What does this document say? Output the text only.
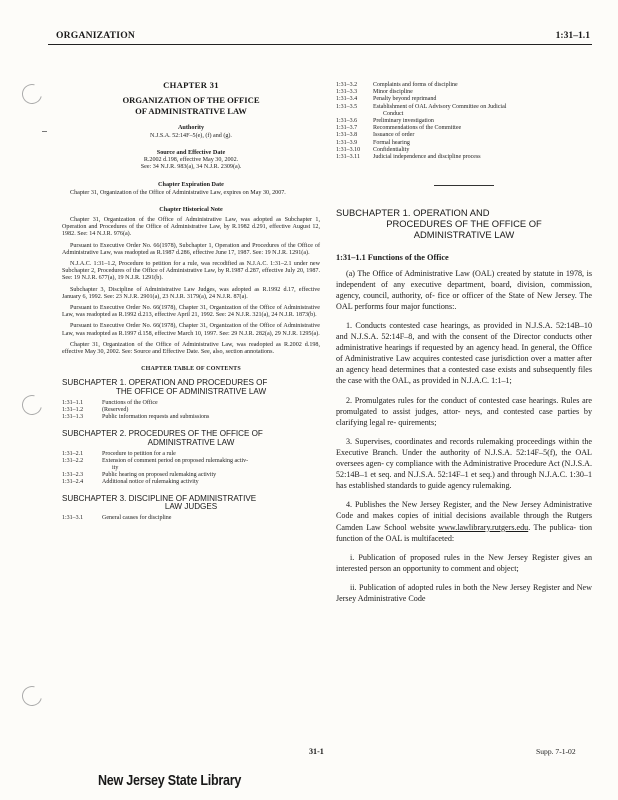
ORGANIZATION	1:31–1.1
CHAPTER 31
ORGANIZATION OF THE OFFICE
OF ADMINISTRATIVE LAW
Authority
N.J.S.A. 52:14F–5(e), (f) and (g).
Source and Effective Date
R.2002 d.198, effective May 30, 2002.
See: 34 N.J.R. 983(a), 34 N.J.R. 2309(a).
Chapter Expiration Date

Chapter 31, Organization of the Office of Administrative Law, expires on May 30, 2007.

Chapter Historical Note

Chapter 31, Organization of the Office of Administrative Law, was adopted as Subchapter 1, Operation and Procedures of the Office of Administrative Law, by R.1982 d.291, effective August 12, 1982. See: 14 N.J.R. 976(a).

Pursuant to Executive Order No. 66(1978), Subchapter 1, Operation and Procedures of the Office of Administrative Law, was readopted as R.1987 d.286, effective June 17, 1987. See: 19 N.J.R. 1291(a).

N.J.A.C. 1:31–1.2, Procedure to petition for a rule, was recodified as N.J.A.C. 1:31–2.1 under new Subchapter 2, Procedures of the Office of Administrative Law, by R.1987 d.287, effective July 20, 1987. See: 19 N.J.R. 677(a), 19 N.J.R. 1291(b).

Subchapter 3, Discipline of Administrative Law Judges, was adopted as R.1992 d.17, effective January 6, 1992. See: 23 N.J.R. 2901(a), 23 N.J.R. 3179(a), 24 N.J.R. 87(a).

Pursuant to Executive Order No. 66(1978), Chapter 31, Organization of the Office of Administrative Law, was readopted as R.1992 d.213, effective April 21, 1992. See: 24 N.J.R. 321(a), 24 N.J.R. 1873(b).

Pursuant to Executive Order No. 66(1978), Chapter 31, Organization of the Office of Administrative Law, was readopted as R.1997 d.158, effective March 10, 1997. See: 29 N.J.R. 282(a), 29 N.J.R. 1295(a).

Chapter 31, Organization of the Office of Administrative Law, was readopted as R.2002 d.198, effective May 30, 2002. See: Source and Effective Date. See, also, section annotations.

CHAPTER TABLE OF CONTENTS
SUBCHAPTER 1. OPERATION AND PROCEDURES OF
THE OFFICE OF ADMINISTRATIVE LAW
1:31–1.1	Functions of the Office
1:31–1.2	(Reserved)
1:31–1.3	Public information requests and submissions
SUBCHAPTER 2. PROCEDURES OF THE OFFICE OF
ADMINISTRATIVE LAW
1:31–2.1	Procedure to petition for a rule
1:31–2.2	Extension of comment period on proposed rulemaking activ-
ity
1:31–2.3	Public hearing on proposed rulemaking activity
1:31–2.4	Additional notice of rulemaking activity
SUBCHAPTER 3. DISCIPLINE OF ADMINISTRATIVE
LAW JUDGES
1:31–3.1	General causes for discipline
1:31–3.2	Complaints and forms of discipline
1:31–3.3	Minor discipline
1:31–3.4	Penalty beyond reprimand
1:31–3.5	Establishment of OAL Advisory Committee on Judicial
Conduct
1:31–3.6	Preliminary investigation
1:31–3.7	Recommendations of the Committee
1:31–3.8	Issuance of order
1:31–3.9	Formal hearing
1:31–3.10	Confidentiality
1:31–3.11	Judicial independence and discipline process
SUBCHAPTER 1. OPERATION AND
PROCEDURES OF THE OFFICE OF
ADMINISTRATIVE LAW
1:31–1.1 Functions of the Office

(a) The Office of Administrative Law (OAL) created by statute in 1978, is independent of any executive department, board, division, commission, agency, council, authority, of- fice or officer of the State of New Jersey. The OAL performs four major functions:.

1. Conducts contested case hearings, as provided in N.J.S.A. 52:14B–10 and N.J.S.A. 52:14F–8, and with the consent of the Director conducts other administrative hearings if requested by an agency head. In general, the Office of Administrative Law acquires contested case jurisdiction over a matter after an agency head determines that a contested case exists and subsequently files the case with the OAL, as provided in N.J.A.C. 1:1–1;

2. Promulgates rules for the conduct of contested case hearings. Rules are promulgated to assist judges, attor- neys, and contested case parties by clarifying legal re- quirements;

3. Supervises, coordinates and records rulemaking proceedings within the Executive Branch. Under the authority of N.J.S.A. 52:14F–5(f), the OAL oversees agen- cy compliance with the Administrative Procedure Act (N.J.S.A. 52:14B–1 et seq. and N.J.S.A. 52:14F–1 et seq.) and through N.J.A.C. 1:30–1 has established standards to guide agency rulemaking.

4. Publishes the New Jersey Register, and the New Jersey Administrative Code and makes copies of initial decisions available through the Rutgers Camden Law School website www.lawlibrary.rutgers.edu. The publica- tion function of the OAL is multifaceted:

i. Publication of proposed rules in the New Jersey Register gives an interested person an opportunity to comment and object;

ii. Publication of adopted rules in both the New Jersey Register and New Jersey Administrative Code

31-1	Supp. 7-1-02
New Jersey State Library
